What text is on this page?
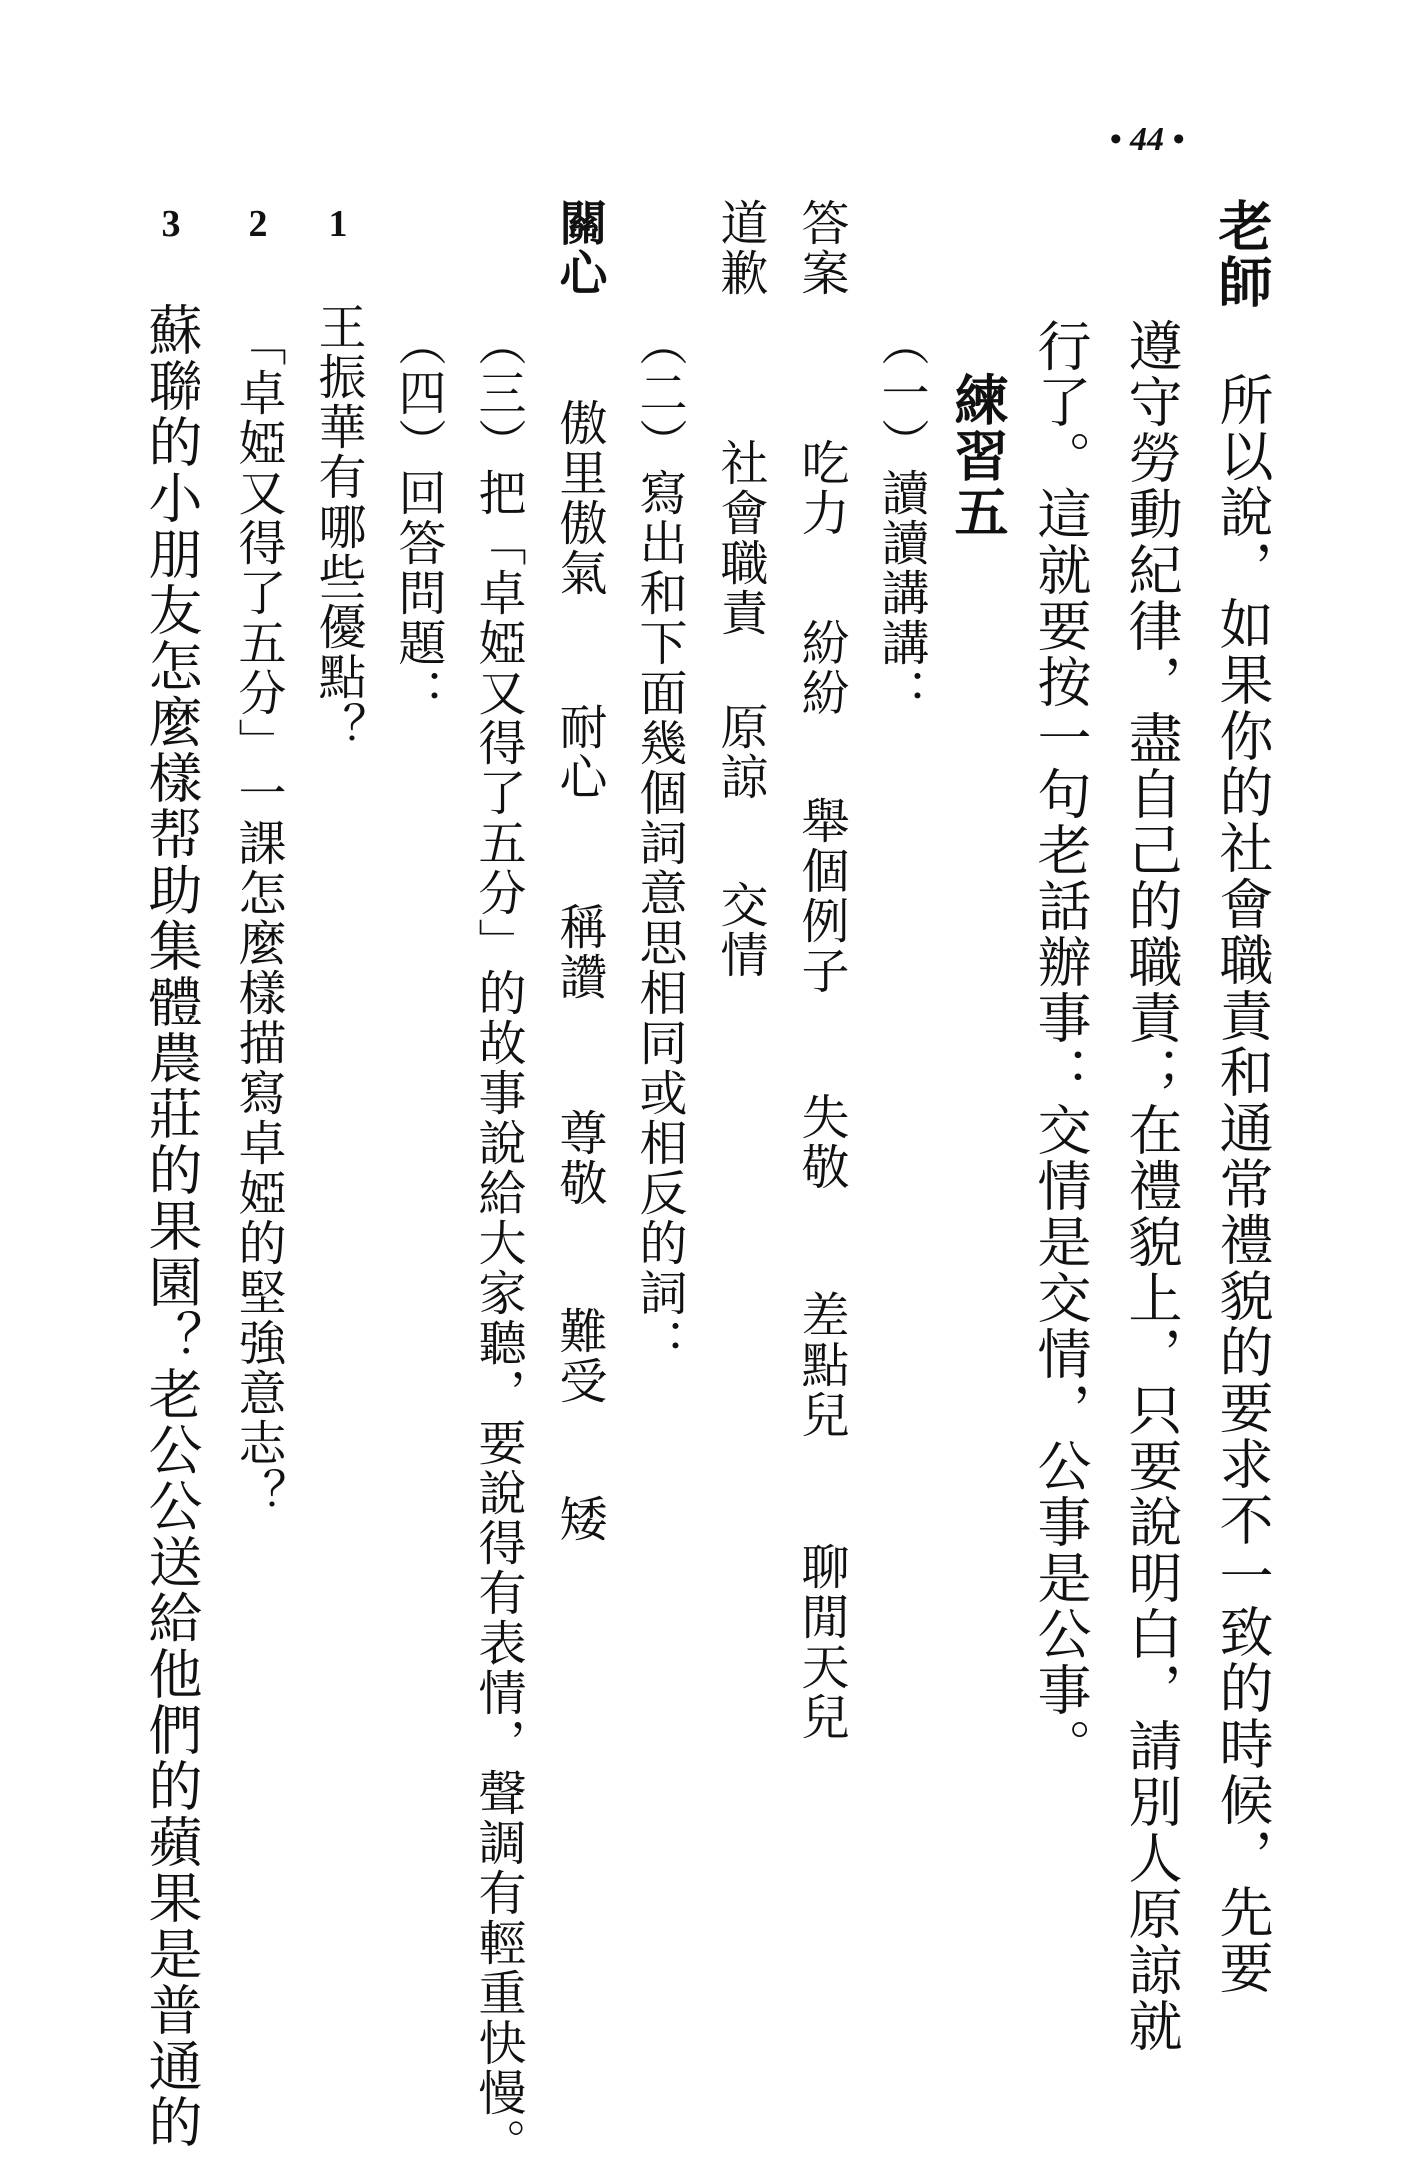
• 44 •
老師
所以說，如果你的社會職責和通常禮貌的要求不一致的時候，先要
遵守勞動紀律，盡自己的職責；在禮貌上，只要說明白，請別人原諒就
行了。這就要按一句老話辦事：交情是交情，公事是公事。
練習五
（一）讀讀講講：
吃力
紛紛
舉個例子
失敬
差點兒
聊閒天兒
答案
道歉
關心
社會職責
原諒
交情
（二）寫出和下面幾個詞意思相同或相反的詞：
傲里傲氣
耐心
稱讚
尊敬
難受
矮
（三）把「卓婭又得了五分」的故事說給大家聽，要說得有表情，聲調有輕重快慢。
（四）回答問題：
1
王振華有哪些優點？
2
「卓婭又得了五分」一課怎麼樣描寫卓婭的堅強意志？
3
蘇聯的小朋友怎麼樣帮助集體農莊的果園？老公公送給他們的蘋果是普通的
